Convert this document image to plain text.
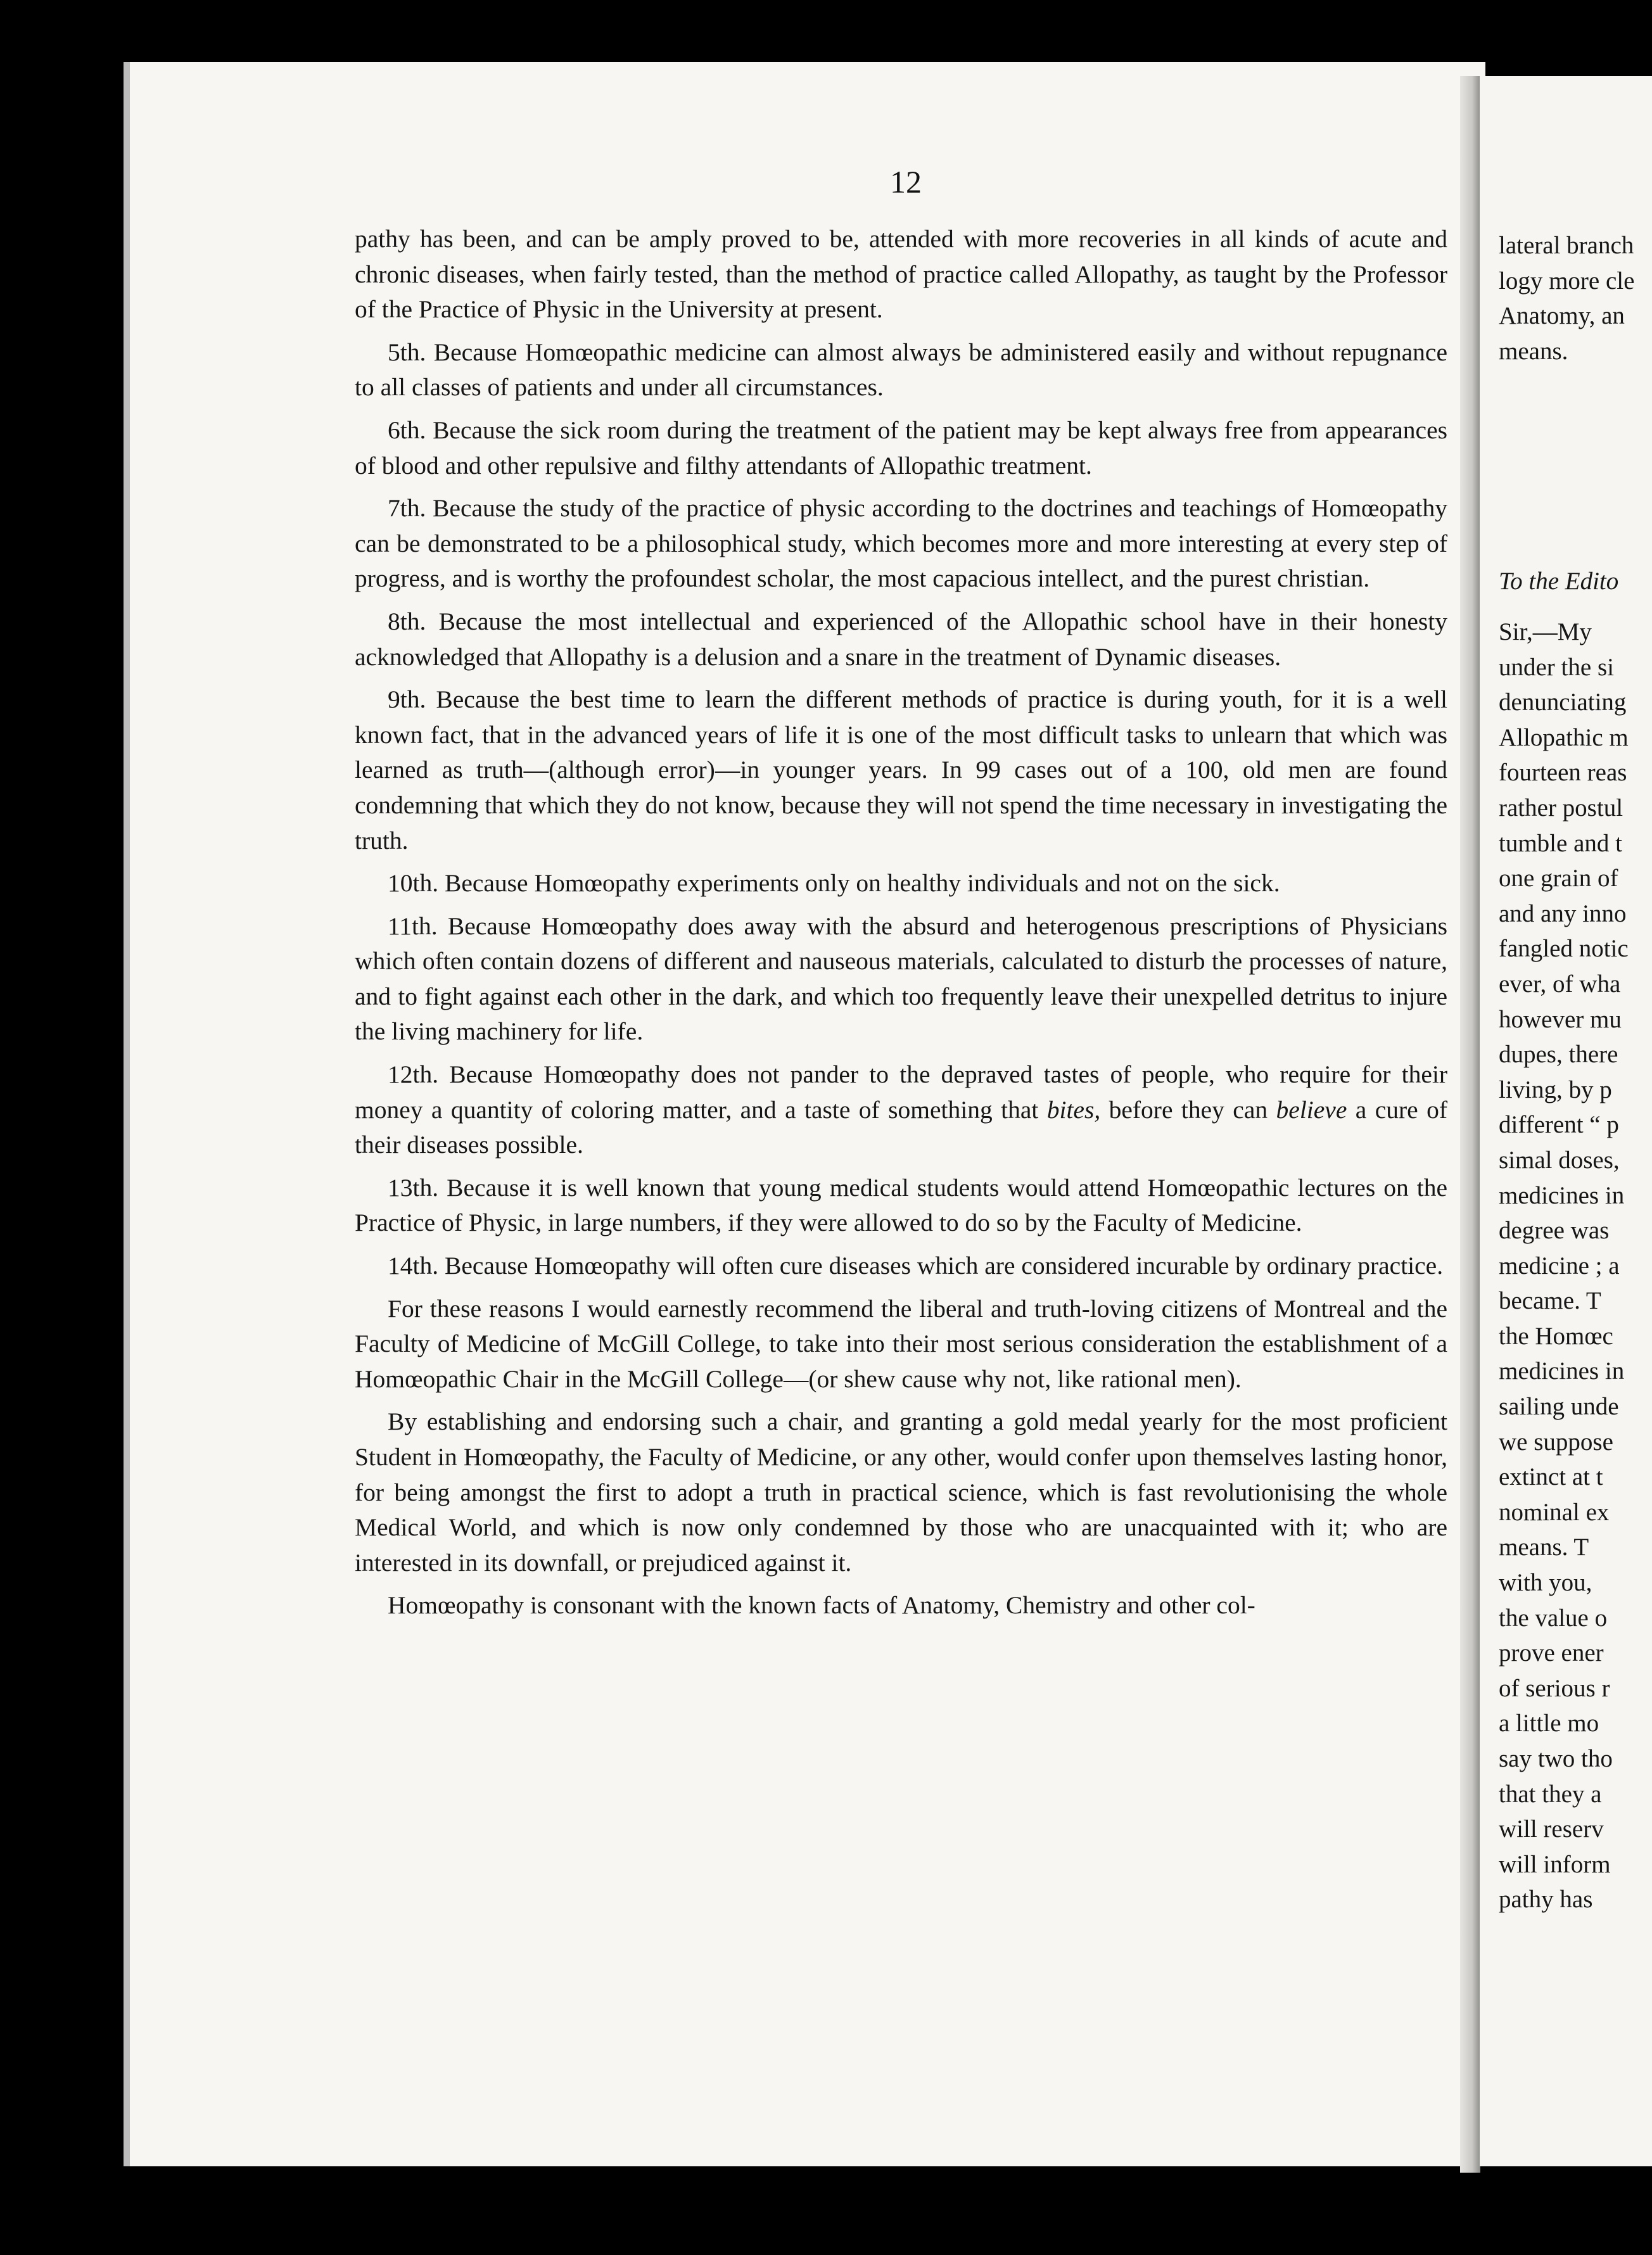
lateral branch
logy more cle
Anatomy, an
means.
To the Edito
Sir,—My
under the si
denunciating
Allopathic m
fourteen reas
rather postul
tumble and t
one grain of
and any inno
fangled notic
ever, of wha
however mu
dupes, there
living, by p
different “ p
simal doses,
medicines in
degree was
medicine ; a
became. T
the Homœc
medicines in
sailing unde
we suppose
extinct at t
nominal ex
means. T
with you,
the value o
prove ener
of serious r
a little mo
say two tho
that they a
will reserv
will inform
pathy has
12

pathy has been, and can be amply proved to be, attended with more recoveries in all kinds of acute and chronic diseases, when fairly tested, than the method of practice called Allopathy, as taught by the Professor of the Practice of Physic in the University at present.

5th. Because Homœopathic medicine can almost always be administered easily and without repugnance to all classes of patients and under all circumstances.

6th. Because the sick room during the treatment of the patient may be kept always free from appearances of blood and other repulsive and filthy attendants of Allopathic treatment.

7th. Because the study of the practice of physic according to the doctrines and teachings of Homœopathy can be demonstrated to be a philosophical study, which becomes more and more interesting at every step of progress, and is worthy the profoundest scholar, the most capacious intellect, and the purest christian.

8th. Because the most intellectual and experienced of the Allopathic school have in their honesty acknowledged that Allopathy is a delusion and a snare in the treatment of Dynamic diseases.

9th. Because the best time to learn the different methods of practice is during youth, for it is a well known fact, that in the advanced years of life it is one of the most difficult tasks to unlearn that which was learned as truth—(although error)—in younger years. In 99 cases out of a 100, old men are found condemning that which they do not know, because they will not spend the time necessary in investigating the truth.

10th. Because Homœopathy experiments only on healthy individuals and not on the sick.

11th. Because Homœopathy does away with the absurd and heterogenous prescriptions of Physicians which often contain dozens of different and nauseous materials, calculated to disturb the processes of nature, and to fight against each other in the dark, and which too frequently leave their unexpelled detritus to injure the living machinery for life.

12th. Because Homœopathy does not pander to the depraved tastes of people, who require for their money a quantity of coloring matter, and a taste of something that bites, before they can believe a cure of their diseases possible.

13th. Because it is well known that young medical students would attend Homœopathic lectures on the Practice of Physic, in large numbers, if they were allowed to do so by the Faculty of Medicine.

14th. Because Homœopathy will often cure diseases which are considered incurable by ordinary practice.

For these reasons I would earnestly recommend the liberal and truth-loving citizens of Montreal and the Faculty of Medicine of McGill College, to take into their most serious consideration the establishment of a Homœopathic Chair in the McGill College—(or shew cause why not, like rational men).

By establishing and endorsing such a chair, and granting a gold medal yearly for the most proficient Student in Homœopathy, the Faculty of Medicine, or any other, would confer upon themselves lasting honor, for being amongst the first to adopt a truth in practical science, which is fast revolutionising the whole Medical World, and which is now only condemned by those who are unacquainted with it; who are interested in its downfall, or prejudiced against it.

Homœopathy is consonant with the known facts of Anatomy, Chemistry and other col-
